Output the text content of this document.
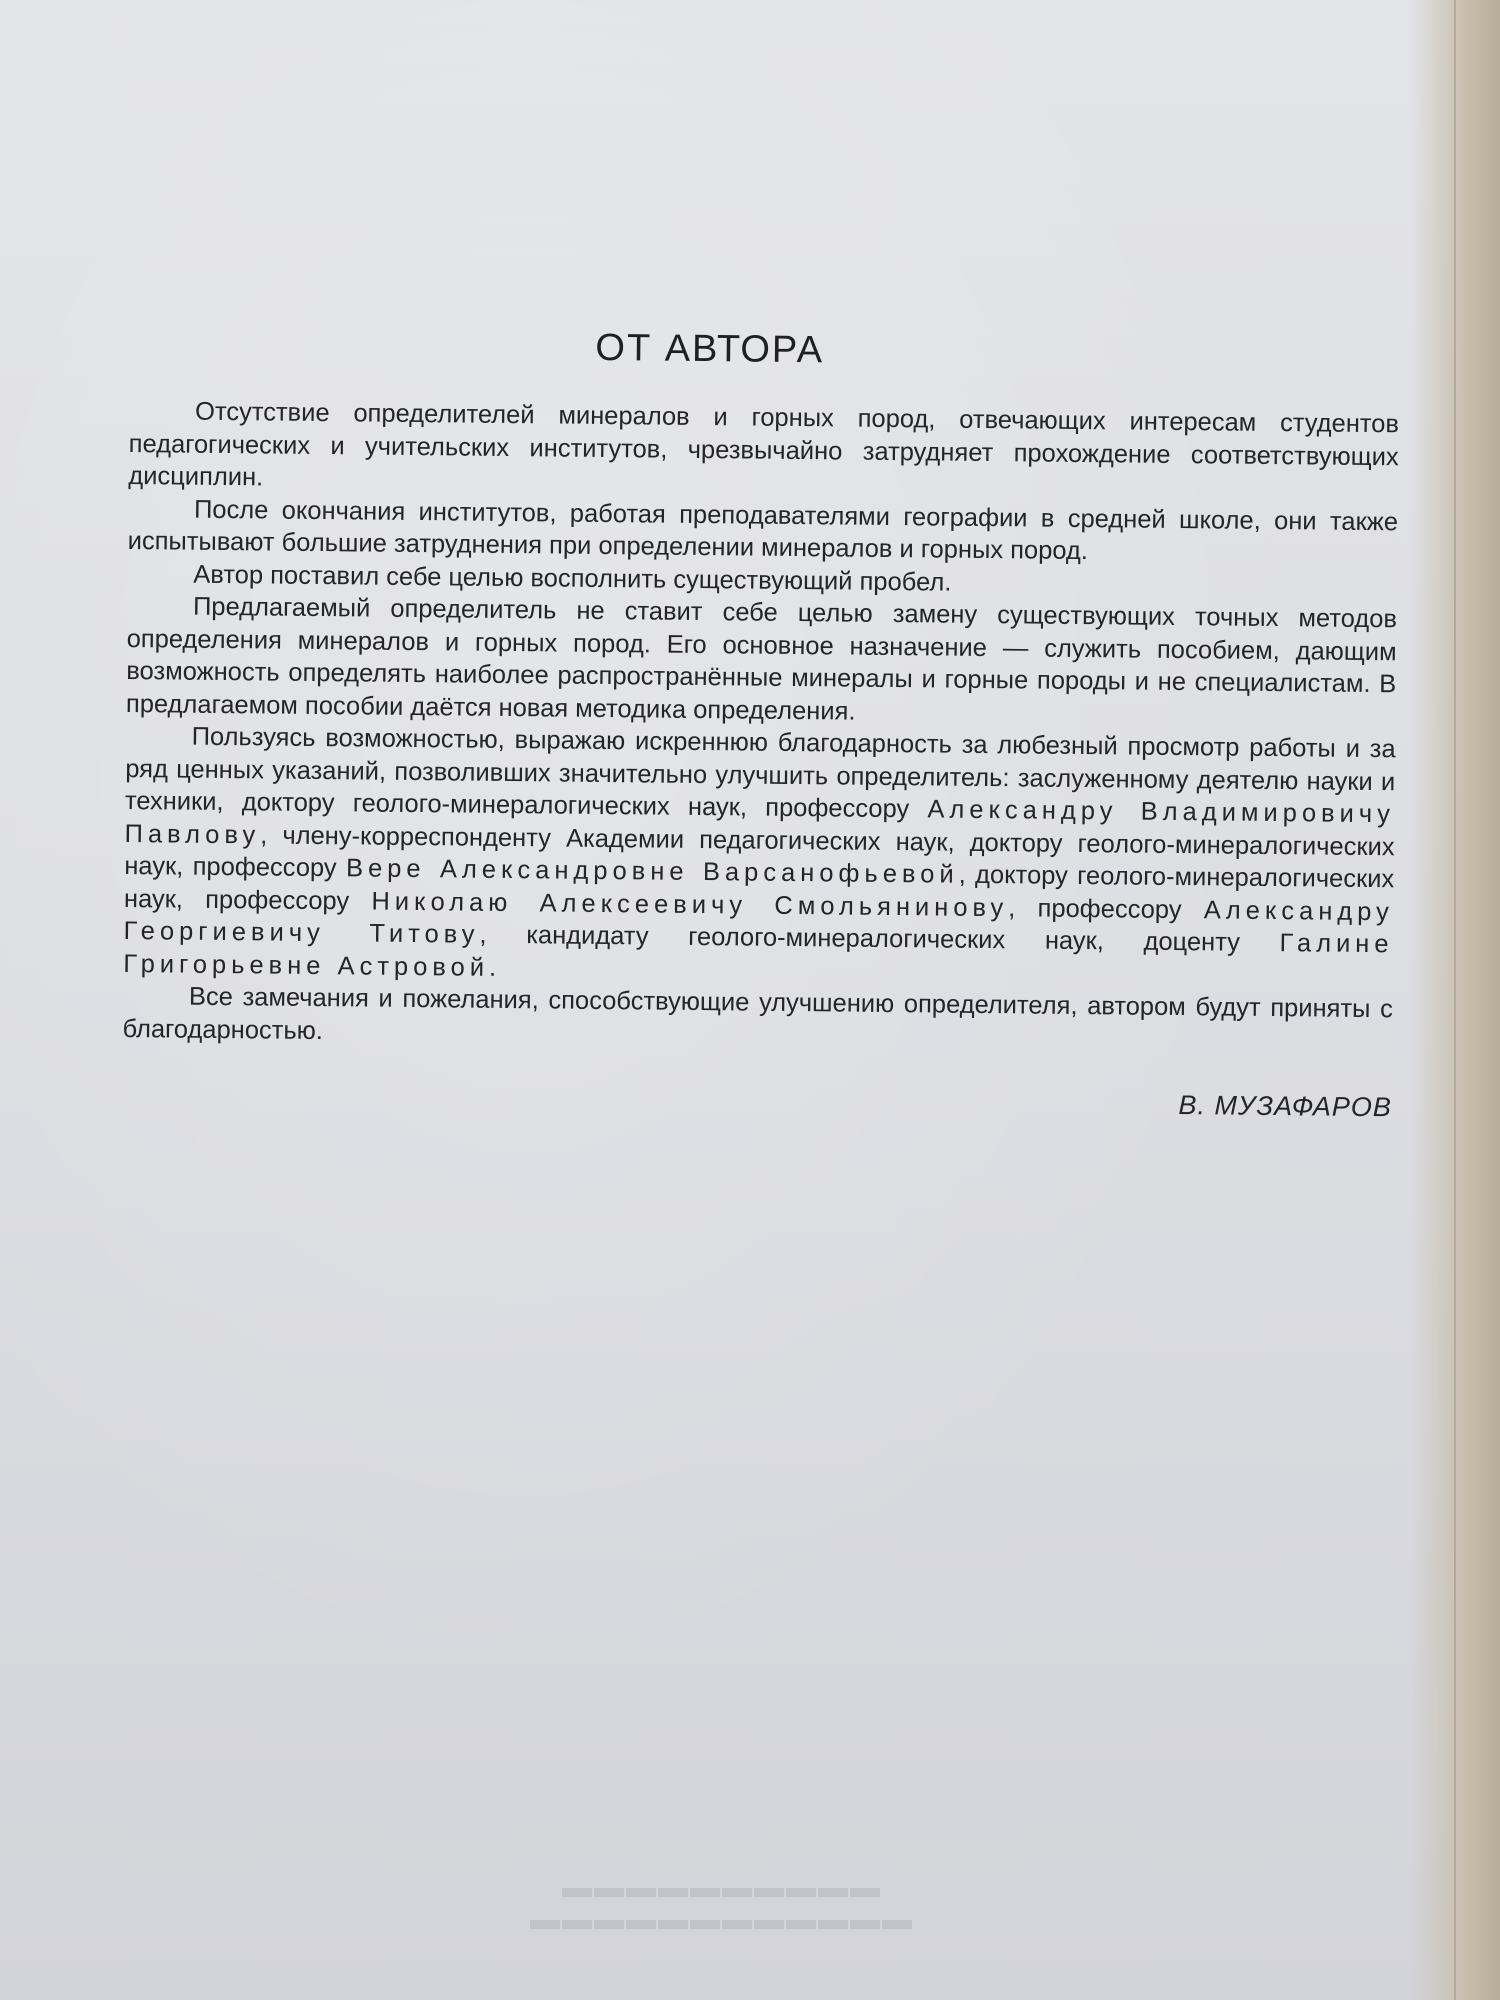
ОТ АВТОРА

Отсутствие определителей минералов и горных пород, отвечающих интересам студентов педагогических и учительских институтов, чрезвычайно затрудняет прохождение соответствующих дисциплин.

После окончания институтов, работая преподавателями географии в средней школе, они также испытывают большие затруднения при определении минералов и горных пород.

Автор поставил себе целью восполнить существующий пробел.

Предлагаемый определитель не ставит себе целью замену существующих точных методов определения минералов и горных пород. Его основное назначение — служить пособием, дающим возможность определять наиболее распространённые минералы и горные породы и не специалистам. В предлагаемом пособии даётся новая методика определения.

Пользуясь возможностью, выражаю искреннюю благодарность за любезный просмотр работы и за ряд ценных указаний, позволивших значительно улучшить определитель: заслуженному деятелю науки и техники, доктору геолого-минералогических наук, профессору Александру Владимировичу Павлову, члену-корреспонденту Академии педагогических наук, доктору геолого-минералогических наук, профессору Вере Александровне Варсанофьевой, доктору геолого-минералогических наук, профессору Николаю Алексеевичу Смольянинову, профессору Александру Георгиевичу Титову, кандидату геолого-минералогических наук, доценту Галине Григорьевне Астровой.

Все замечания и пожелания, способствующие улучшению определителя, автором будут приняты с благодарностью.

В. МУЗАФАРОВ

▬▬▬▬▬▬▬▬▬▬
▬▬▬▬▬▬▬▬▬▬▬▬
